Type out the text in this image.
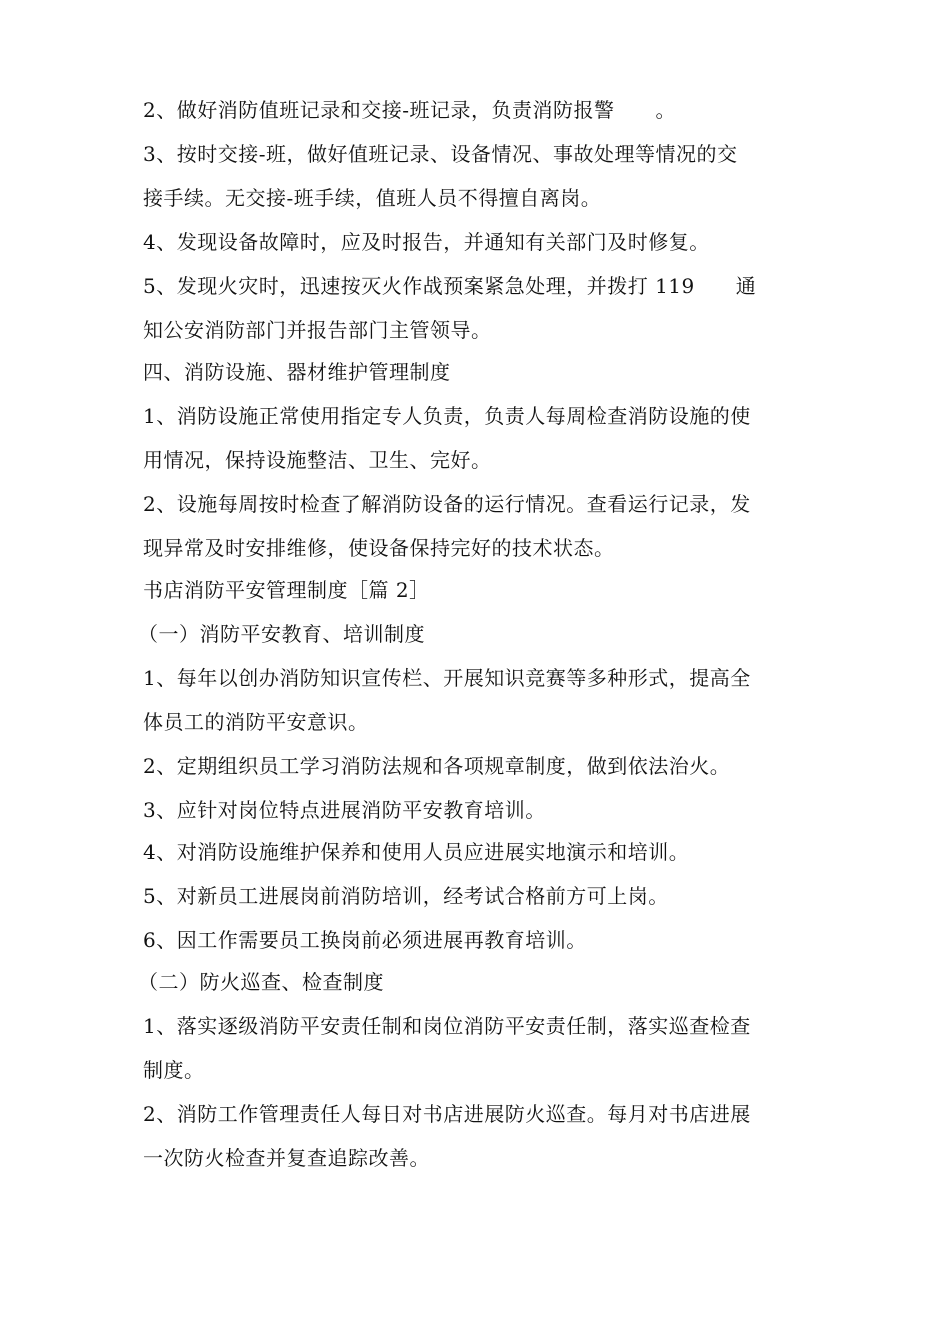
2、做好消防值班记录和交接-班记录，负责消防报警　　。
3、按时交接-班，做好值班记录、设备情况、事故处理等情况的交
接手续。无交接-班手续，值班人员不得擅自离岗。
4、发现设备故障时，应及时报告，并通知有关部门及时修复。
5、发现火灾时，迅速按灭火作战预案紧急处理，并拨打 119　　通
知公安消防部门并报告部门主管领导。
四、消防设施、器材维护管理制度
1、消防设施正常使用指定专人负责，负责人每周检查消防设施的使
用情况，保持设施整洁、卫生、完好。
2、设施每周按时检查了解消防设备的运行情况。查看运行记录，发
现异常及时安排维修，使设备保持完好的技术状态。
书店消防平安管理制度［篇 2］
（一）消防平安教育、培训制度
1、每年以创办消防知识宣传栏、开展知识竞赛等多种形式，提高全
体员工的消防平安意识。
2、定期组织员工学习消防法规和各项规章制度，做到依法治火。
3、应针对岗位特点进展消防平安教育培训。
4、对消防设施维护保养和使用人员应进展实地演示和培训。
5、对新员工进展岗前消防培训，经考试合格前方可上岗。
6、因工作需要员工换岗前必须进展再教育培训。
（二）防火巡查、检查制度
1、落实逐级消防平安责任制和岗位消防平安责任制，落实巡查检查
制度。
2、消防工作管理责任人每日对书店进展防火巡查。每月对书店进展
一次防火检查并复查追踪改善。
